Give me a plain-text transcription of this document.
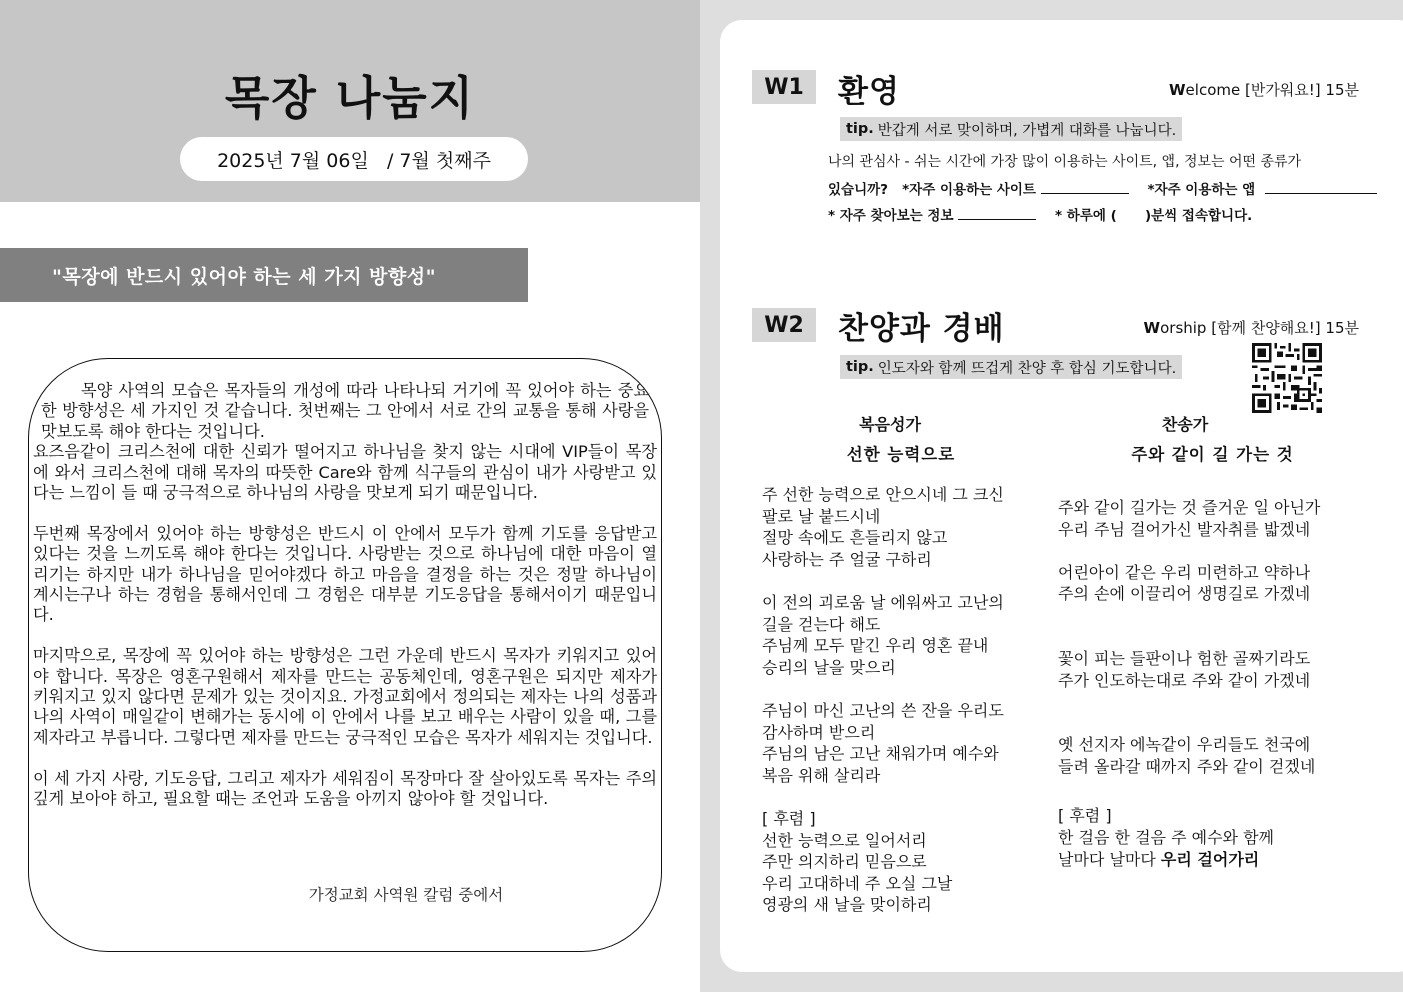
목장 나눔지
2025년 7월 06일   / 7월 첫째주
"목장에 반드시 있어야 하는 세 가지 방향성"

목양 사역의 모습은 목자들의 개성에 따라 나타나되 거기에 꼭 있어야 하는 중요한 방향성은 세 가지인 것 같습니다. 첫번째는 그 안에서 서로 간의 교통을 통해 사랑을 맛보도록 해야 한다는 것입니다.

요즈음같이 크리스천에 대한 신뢰가 떨어지고 하나님을 찾지 않는 시대에 VIP들이 목장에 와서 크리스천에 대해 목자의 따뜻한 Care와 함께 식구들의 관심이 내가 사랑받고 있다는 느낌이 들 때 궁극적으로 하나님의 사랑을 맛보게 되기 때문입니다.

두번째 목장에서 있어야 하는 방향성은 반드시 이 안에서 모두가 함께 기도를 응답받고 있다는 것을 느끼도록 해야 한다는 것입니다. 사랑받는 것으로 하나님에 대한 마음이 열리기는 하지만 내가 하나님을 믿어야겠다 하고 마음을 결정을 하는 것은 정말 하나님이 계시는구나 하는 경험을 통해서인데 그 경험은 대부분 기도응답을 통해서이기 때문입니다.

마지막으로, 목장에 꼭 있어야 하는 방향성은 그런 가운데 반드시 목자가 키워지고 있어야 합니다. 목장은 영혼구원해서 제자를 만드는 공동체인데, 영혼구원은 되지만 제자가 키워지고 있지 않다면 문제가 있는 것이지요. 가정교회에서 정의되는 제자는 나의 성품과 나의 사역이 매일같이 변해가는 동시에 이 안에서 나를 보고 배우는 사람이 있을 때, 그를 제자라고 부릅니다. 그렇다면 제자를 만드는 궁극적인 모습은 목자가 세워지는 것입니다.

이 세 가지 사랑, 기도응답, 그리고 제자가 세워짐이 목장마다 잘 살아있도록 목자는 주의깊게 보아야 하고, 필요할 때는 조언과 도움을 아끼지 않아야 할 것입니다.

가정교회 사역원 칼럼 중에서
W1	환영	Welcome [반가워요!] 15분
tip. 반갑게 서로 맞이하며, 가볍게 대화를 나눕니다.
나의 관심사 - 쉬는 시간에 가장 많이 이용하는 사이트, 앱, 정보는 어떤 종류가
있습니까? *자주 이용하는 사이트	*자주 이용하는 앱
* 자주 찾아보는 정보	* 하루에 ( )분씩 접속합니다.
W2	찬양과 경배	Worship [함께 찬양해요!] 15분
tip. 인도자와 함께 뜨겁게 찬양 후 합심 기도합니다.
복음성가	찬송가
선한 능력으로	주와 같이 길 가는 것
주 선한 능력으로 안으시네 그 크신
팔로 날 붙드시네
절망 속에도 흔들리지 않고
사랑하는 주 얼굴 구하리
이 전의 괴로움 날 에워싸고 고난의
길을 걷는다 해도
주님께 모두 맡긴 우리 영혼 끝내
승리의 날을 맞으리
주님이 마신 고난의 쓴 잔을 우리도
감사하며 받으리
주님의 남은 고난 채워가며 예수와
복음 위해 살리라
[ 후렴 ]
선한 능력으로 일어서리
주만 의지하리 믿음으로
우리 고대하네 주 오실 그날
영광의 새 날을 맞이하리
주와 같이 길가는 것 즐거운 일 아닌가
우리 주님 걸어가신 발자취를 밟겠네
어린아이 같은 우리 미련하고 약하나
주의 손에 이끌리어 생명길로 가겠네
꽃이 피는 들판이나 험한 골짜기라도
주가 인도하는대로 주와 같이 가겠네
옛 선지자 에녹같이 우리들도 천국에
들려 올라갈 때까지 주와 같이 걷겠네
[ 후렴 ]
한 걸음 한 걸음 주 예수와 함께
날마다 날마다 우리 걸어가리
